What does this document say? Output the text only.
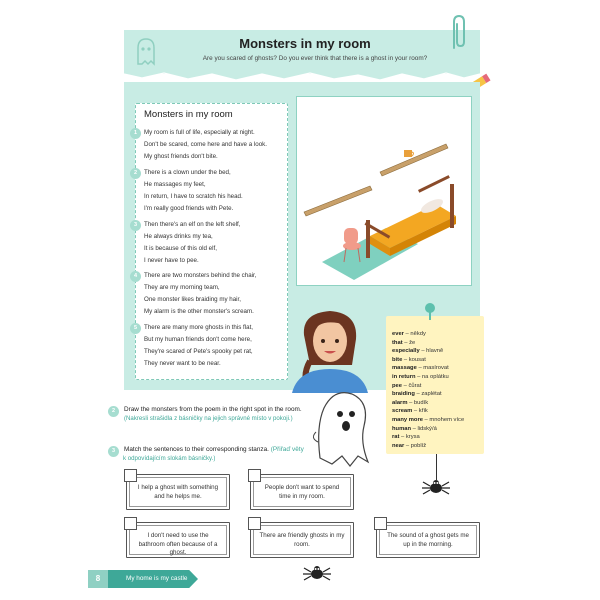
Monsters in my room
Are you scared of ghosts? Do you ever think that there is a ghost in your room?
Monsters in my room
1	My room is full of life, especially at night.
Don't be scared, come here and have a look.
My ghost friends don't bite.
2	There is a clown under the bed,
He massages my feet,
In return, I have to scratch his head.
I'm really good friends with Pete.
3	Then there's an elf on the left shelf,
He always drinks my tea,
It is because of this old elf,
I never have to pee.
4	There are two monsters behind the chair,
They are my morning team,
One monster likes braiding my hair,
My alarm is the other monster's scream.
5	There are many more ghosts in this flat,
But my human friends don't come here,
They're scared of Pete's spooky pet rat,
They never want to be near.
ever – někdy
that – že
especially – hlavně
bite – kousat
massage – masírovat
in return – na oplátku
pee – čůrat
braiding – zaplétat
alarm – budík
scream – křik
many more – mnohem více
human – lidský/á
rat – krysa
near – poblíž
2	Draw the monsters from the poem in the right spot in the room.
(Nakresli strašidla z básničky na jejich správné místo v pokoji.)
3	Match the sentences to their corresponding stanza. (Přiřaď věty
k odpovídajícím slokám básničky.)
I help a ghost with something and he helps me.
People don't want to spend time in my room.
I don't need to use the bathroom often because of a ghost.
There are friendly ghosts in my room.
The sound of a ghost gets me up in the morning.
8	My home is my castle
